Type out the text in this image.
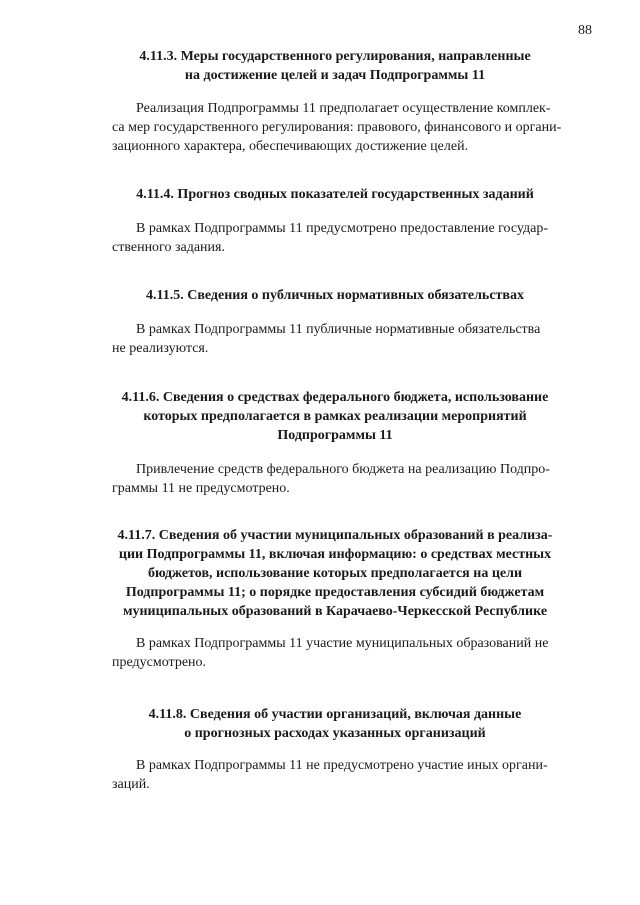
88
4.11.3. Меры государственного регулирования, направленные
на достижение целей и задач Подпрограммы 11
Реализация Подпрограммы 11 предполагает осуществление комплек-
са мер государственного регулирования: правового, финансового и органи-
зационного характера, обеспечивающих достижение целей.
4.11.4. Прогноз сводных показателей государственных заданий
В рамках Подпрограммы 11 предусмотрено предоставление государ-
ственного задания.
4.11.5. Сведения о публичных нормативных обязательствах
В рамках Подпрограммы 11 публичные нормативные обязательства
не реализуются.
4.11.6. Сведения о средствах федерального бюджета, использование
которых предполагается в рамках реализации мероприятий
Подпрограммы 11
Привлечение средств федерального бюджета на реализацию Подпро-
граммы 11 не предусмотрено.
4.11.7. Сведения об участии муниципальных образований в реализа-
ции Подпрограммы 11, включая информацию: о средствах местных
бюджетов, использование которых предполагается на цели
Подпрограммы 11; о порядке предоставления субсидий бюджетам
муниципальных образований в Карачаево-Черкесской Республике
В рамках Подпрограммы 11 участие муниципальных образований не
предусмотрено.
4.11.8. Сведения об участии организаций, включая данные
о прогнозных расходах указанных организаций
В рамках Подпрограммы 11 не предусмотрено участие иных органи-
заций.
